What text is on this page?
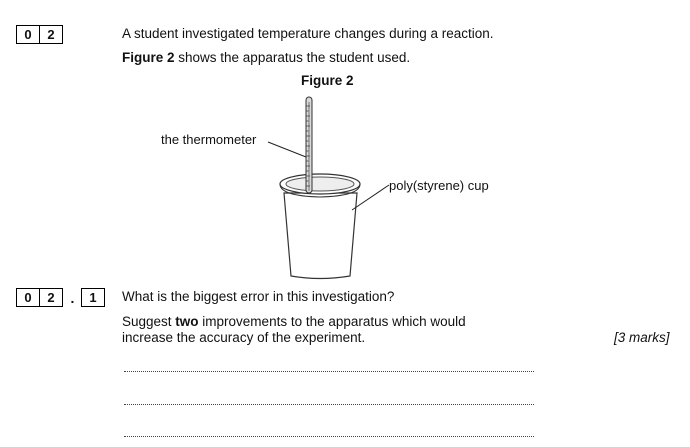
0	2	A student investigated temperature changes during a reaction.
Figure 2 shows the apparatus the student used.
Figure 2
the thermometer
poly(styrene) cup
0	2	.	1	What is the biggest error in this investigation?
Suggest two improvements to the apparatus which would
increase the accuracy of the experiment.	[3 marks]
